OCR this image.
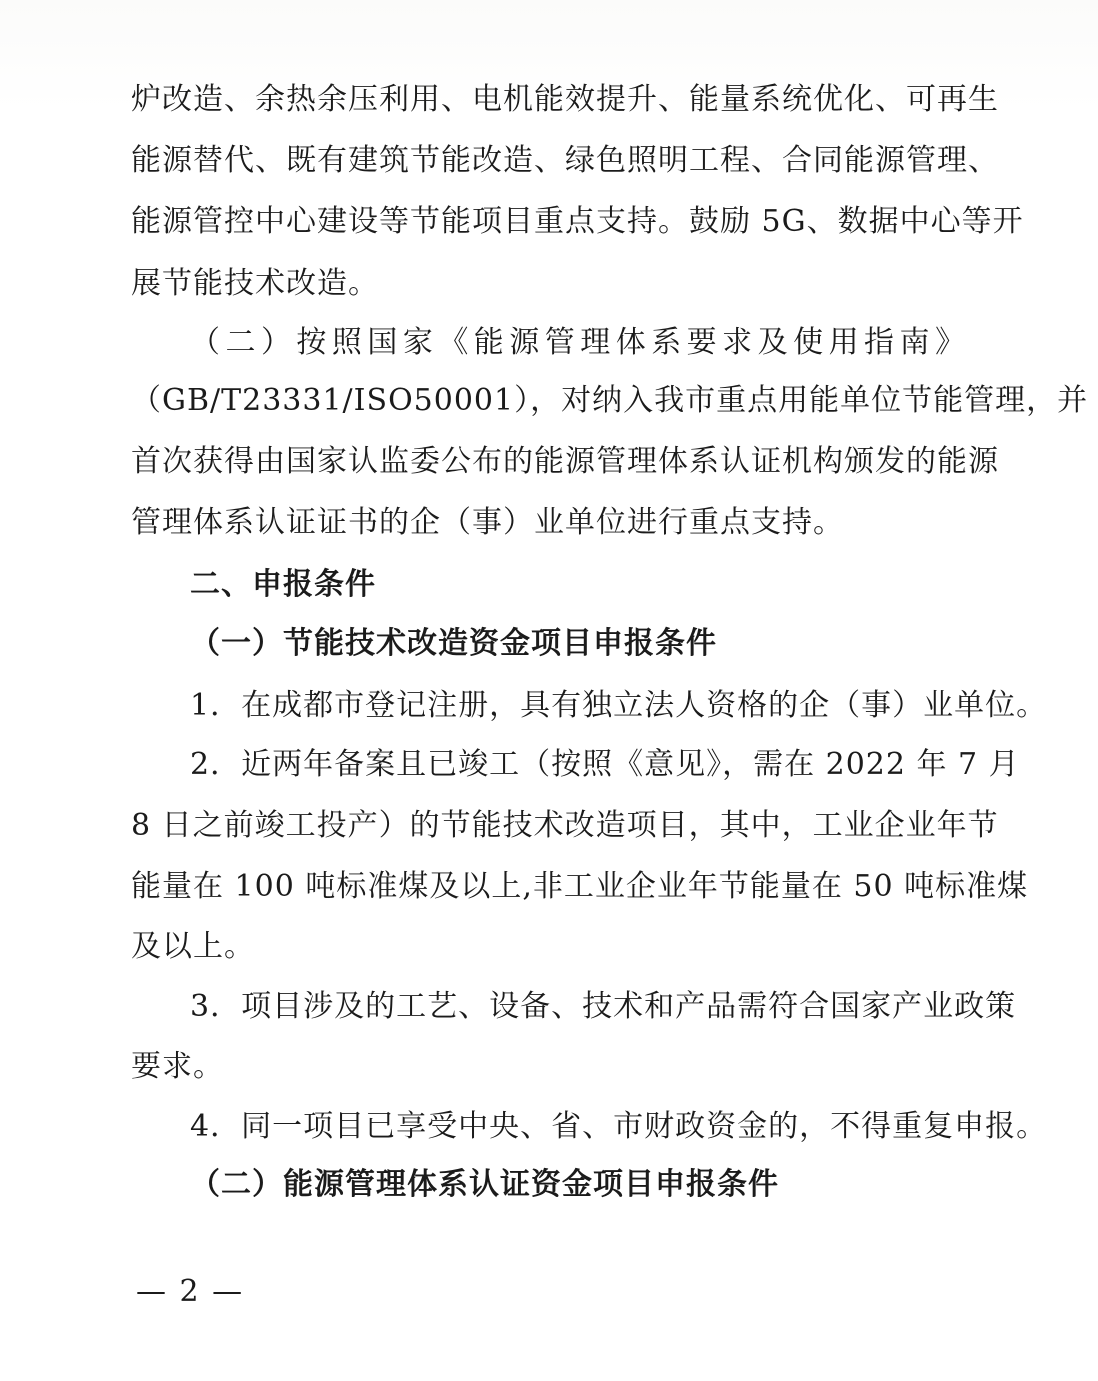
炉改造、余热余压利用、电机能效提升、能量系统优化、可再生
能源替代、既有建筑节能改造、绿色照明工程、合同能源管理、
能源管控中心建设等节能项目重点支持。鼓励 5G、数据中心等开
展节能技术改造。
（二）按照国家《能源管理体系要求及使用指南》
（GB/T23331/ISO50001），对纳入我市重点用能单位节能管理，并
首次获得由国家认监委公布的能源管理体系认证机构颁发的能源
管理体系认证证书的企（事）业单位进行重点支持。
二、申报条件
（一）节能技术改造资金项目申报条件
1．在成都市登记注册，具有独立法人资格的企（事）业单位。
2．近两年备案且已竣工（按照《意见》，需在 2022 年 7 月
8 日之前竣工投产）的节能技术改造项目，其中，工业企业年节
能量在 100 吨标准煤及以上,非工业企业年节能量在 50 吨标准煤
及以上。
3．项目涉及的工艺、设备、技术和产品需符合国家产业政策
要求。
4．同一项目已享受中央、省、市财政资金的，不得重复申报。
（二）能源管理体系认证资金项目申报条件
— 2 —
